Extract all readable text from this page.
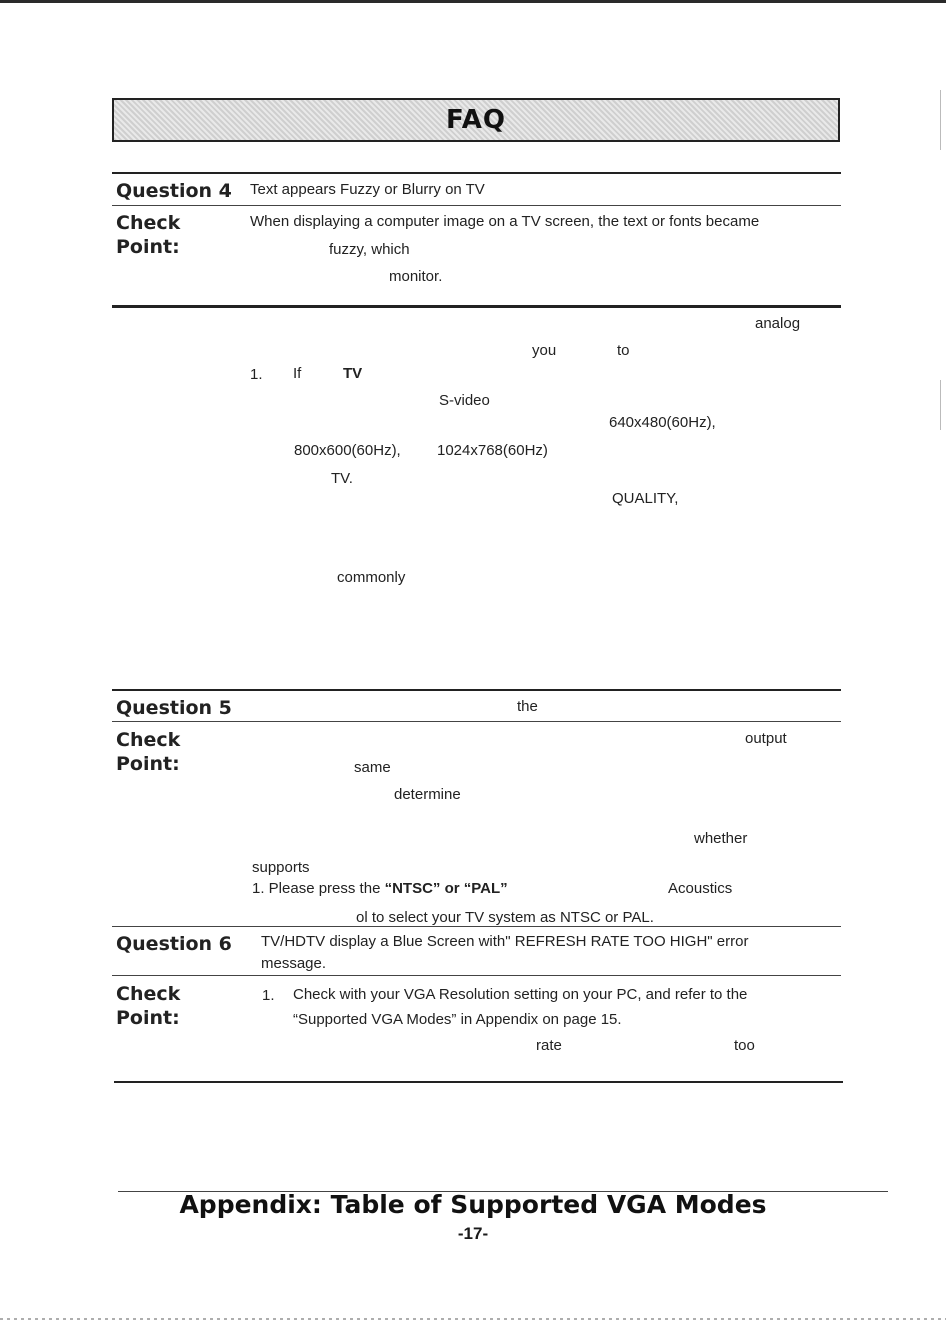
FAQ
Question 4 Text appears Fuzzy or Blurry on TV
Check
Point:
When displaying a computer image on a TV screen, the text or fonts became
fuzzy, which
monitor.
analog
you	to
1. If	TV
S-video
640x480(60Hz),
800x600(60Hz), 1024x768(60Hz)
TV.
QUALITY,
commonly
Question 5	the
Check
Point:
output
same
determine
whether
supports
1. Please press the “NTSC” or “PAL”	Acoustics
ol to select your TV system as NTSC or PAL.
Question 6 TV/HDTV display a Blue Screen with" REFRESH RATE TOO HIGH" error
message.
Check
Point:
1. Check with your VGA Resolution setting on your PC, and refer to the
“Supported VGA Modes” in Appendix on page 15.
rate	too
Appendix: Table of Supported VGA Modes
-17-
